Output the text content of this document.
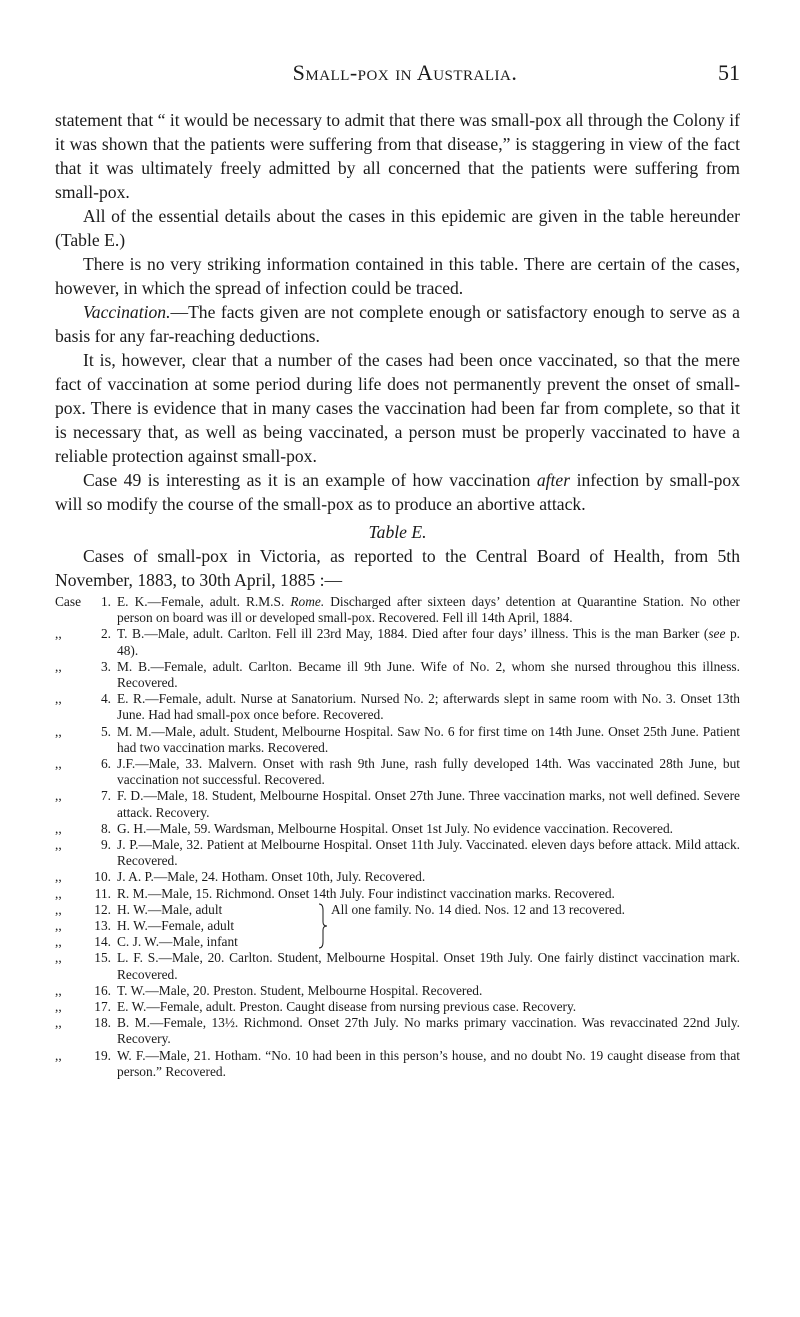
Small-pox in Australia.	51

statement that “ it would be necessary to admit that there was small-pox all through the Colony if it was shown that the patients were suffering from that disease,” is staggering in view of the fact that it was ultimately freely admitted by all concerned that the patients were suffering from small-pox.

All of the essential details about the cases in this epidemic are given in the table hereunder (Table E.)

There is no very striking information contained in this table. There are certain of the cases, however, in which the spread of infection could be traced.

Vaccination.—The facts given are not complete enough or satisfactory enough to serve as a basis for any far-reaching deductions.

It is, however, clear that a number of the cases had been once vaccinated, so that the mere fact of vaccination at some period during life does not permanently prevent the onset of small-pox. There is evidence that in many cases the vaccination had been far from complete, so that it is necessary that, as well as being vaccinated, a person must be properly vaccinated to have a reliable protection against small-pox.

Case 49 is interesting as it is an example of how vaccination after infection by small-pox will so modify the course of the small-pox as to produce an abortive attack.

Table E.

Cases of small-pox in Victoria, as reported to the Central Board of Health, from 5th November, 1883, to 30th April, 1885 :—

Case	1. E. K.—Female, adult. R.M.S. Rome. Discharged after sixteen days’ detention at Quarantine Station. No other person on board was ill or developed small-pox. Recovered. Fell ill 14th April, 1884.
,,	2. T. B.—Male, adult. Carlton. Fell ill 23rd May, 1884. Died after four days’ illness. This is the man Barker (see p. 48).
,,	3. M. B.—Female, adult. Carlton. Became ill 9th June. Wife of No. 2, whom she nursed throughou this illness. Recovered.
,,	4. E. R.—Female, adult. Nurse at Sanatorium. Nursed No. 2; afterwards slept in same room with No. 3. Onset 13th June. Had had small-pox once before. Recovered.
,,	5. M. M.—Male, adult. Student, Melbourne Hospital. Saw No. 6 for first time on 14th June. Onset 25th June. Patient had two vaccination marks. Recovered.
,,	6. J.F.—Male, 33. Malvern. Onset with rash 9th June, rash fully developed 14th. Was vaccinated 28th June, but vaccination not successful. Recovered.
,,	7. F. D.—Male, 18. Student, Melbourne Hospital. Onset 27th June. Three vaccination marks, not well defined. Severe attack. Recovery.
,,	8. G. H.—Male, 59. Wardsman, Melbourne Hospital. Onset 1st July. No evidence vaccination. Recovered.
,,	9. J. P.—Male, 32. Patient at Melbourne Hospital. Onset 11th July. Vaccinated. eleven days before attack. Mild attack. Recovered.
,,	10. J. A. P.—Male, 24. Hotham. Onset 10th, July. Recovered.
,,	11. R. M.—Male, 15. Richmond. Onset 14th July. Four indistinct vaccination marks. Recovered.
,,	12. H. W.—Male, adult
,,	13. H. W.—Female, adult
,,	14. C. J. W.—Male, infant
All one family. No. 14 died. Nos. 12 and 13 recovered.
,,	15. L. F. S.—Male, 20. Carlton. Student, Melbourne Hospital. Onset 19th July. One fairly distinct vaccination mark. Recovered.
,,	16. T. W.—Male, 20. Preston. Student, Melbourne Hospital. Recovered.
,,	17. E. W.—Female, adult. Preston. Caught disease from nursing previous case. Recovery.
,,	18. B. M.—Female, 13½. Richmond. Onset 27th July. No marks primary vaccination. Was revaccinated 22nd July. Recovery.
,,	19. W. F.—Male, 21. Hotham. “No. 10 had been in this person’s house, and no doubt No. 19 caught disease from that person.” Recovered.
